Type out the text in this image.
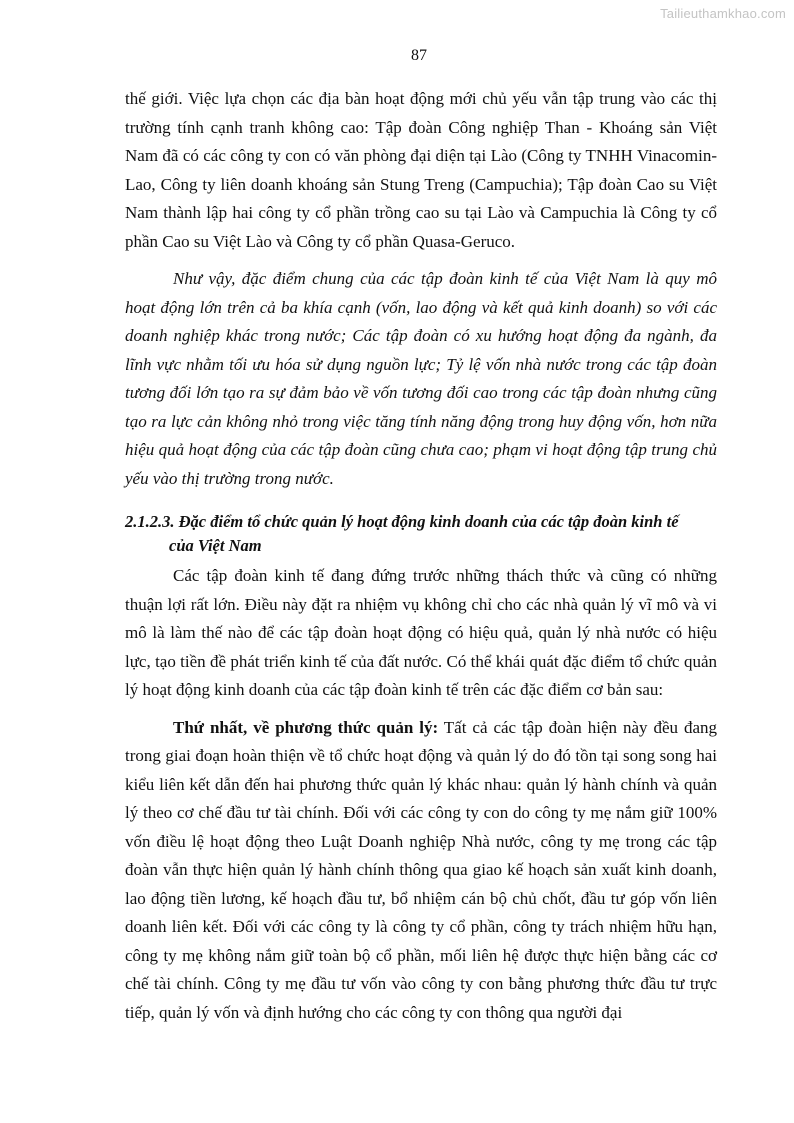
Tailieuthamkhao.com
87

thế giới. Việc lựa chọn các địa bàn hoạt động mới chủ yếu vẫn tập trung vào các thị trường tính cạnh tranh không cao: Tập đoàn Công nghiệp Than - Khoáng sản Việt Nam đã có các công ty con có văn phòng đại diện tại Lào (Công ty TNHH Vinacomin-Lao, Công ty liên doanh khoáng sản Stung Treng (Campuchia); Tập đoàn Cao su Việt Nam thành lập hai công ty cổ phần trồng cao su tại Lào và Campuchia là Công ty cổ phần Cao su Việt Lào và Công ty cổ phần Quasa-Geruco.

Như vậy, đặc điểm chung của các tập đoàn kinh tế của Việt Nam là quy mô hoạt động lớn trên cả ba khía cạnh (vốn, lao động và kết quả kinh doanh) so với các doanh nghiệp khác trong nước; Các tập đoàn có xu hướng hoạt động đa ngành, đa lĩnh vực nhằm tối ưu hóa sử dụng nguồn lực; Tỷ lệ vốn nhà nước trong các tập đoàn tương đối lớn tạo ra sự đảm bảo về vốn tương đối cao trong các tập đoàn nhưng cũng tạo ra lực cản không nhỏ trong việc tăng tính năng động trong huy động vốn, hơn nữa hiệu quả hoạt động của các tập đoàn cũng chưa cao; phạm vi hoạt động tập trung chủ yếu vào thị trường trong nước.

2.1.2.3. Đặc điểm tổ chức quản lý hoạt động kinh doanh của các tập đoàn kinh tế
của Việt Nam

Các tập đoàn kinh tế đang đứng trước những thách thức và cũng có những thuận lợi rất lớn. Điều này đặt ra nhiệm vụ không chỉ cho các nhà quản lý vĩ mô và vi mô là làm thế nào để các tập đoàn hoạt động có hiệu quả, quản lý nhà nước có hiệu lực, tạo tiền đề phát triển kinh tế của đất nước. Có thể khái quát đặc điểm tổ chức quản lý hoạt động kinh doanh của các tập đoàn kinh tế trên các đặc điểm cơ bản sau:

Thứ nhất, về phương thức quản lý: Tất cả các tập đoàn hiện này đều đang trong giai đoạn hoàn thiện về tổ chức hoạt động và quản lý do đó tồn tại song song hai kiểu liên kết dẫn đến hai phương thức quản lý khác nhau: quản lý hành chính và quản lý theo cơ chế đầu tư tài chính. Đối với các công ty con do công ty mẹ nắm giữ 100% vốn điều lệ hoạt động theo Luật Doanh nghiệp Nhà nước, công ty mẹ trong các tập đoàn vẫn thực hiện quản lý hành chính thông qua giao kế hoạch sản xuất kinh doanh, lao động tiền lương, kế hoạch đầu tư, bổ nhiệm cán bộ chủ chốt, đầu tư góp vốn liên doanh liên kết. Đối với các công ty là công ty cổ phần, công ty trách nhiệm hữu hạn, công ty mẹ không nắm giữ toàn bộ cổ phần, mối liên hệ được thực hiện bằng các cơ chế tài chính. Công ty mẹ đầu tư vốn vào công ty con bằng phương thức đầu tư trực tiếp, quản lý vốn và định hướng cho các công ty con thông qua người đại
